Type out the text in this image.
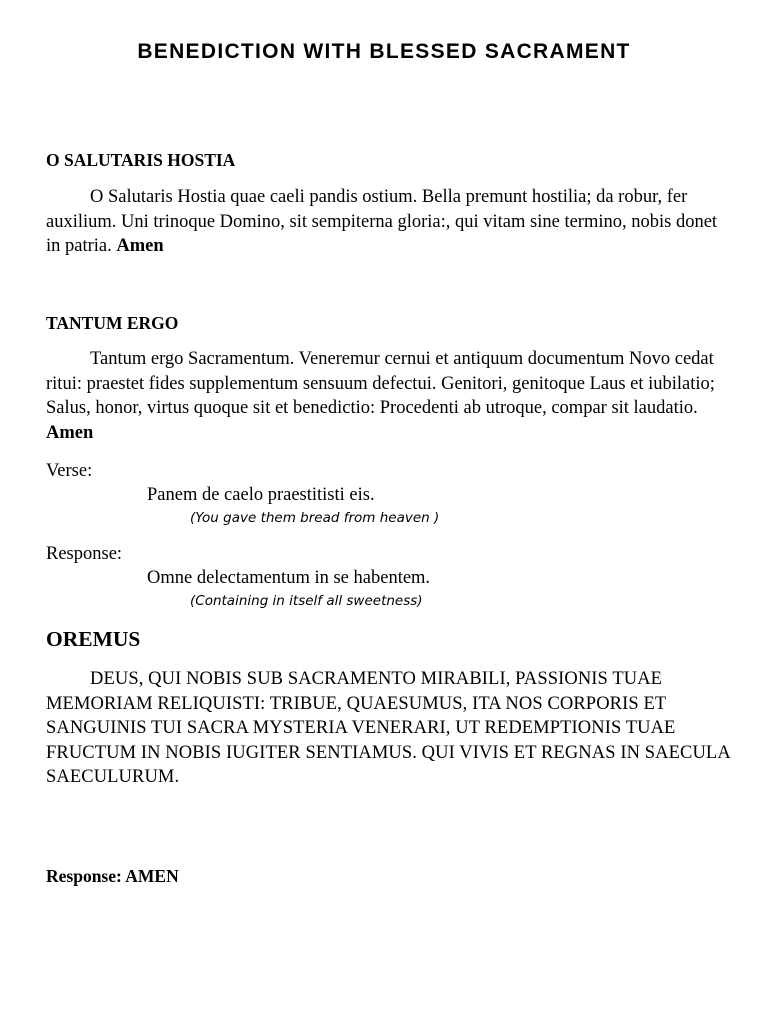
BENEDICTION WITH BLESSED SACRAMENT
O SALUTARIS HOSTIA

O Salutaris Hostia quae caeli pandis ostium. Bella premunt hostilia; da robur, fer auxilium. Uni trinoque Domino, sit sempiterna gloria:, qui vitam sine termino, nobis donet in patria. Amen

TANTUM ERGO

Tantum ergo Sacramentum. Veneremur cernui et antiquum documentum Novo cedat ritui: praestet fides supplementum sensuum defectui. Genitori, genitoque Laus et iubilatio; Salus, honor, virtus quoque sit et benedictio: Procedenti ab utroque, compar sit laudatio. Amen

Verse:

Panem de caelo praestitisti eis.

(You gave them bread from heaven )

Response:

Omne delectamentum in se habentem.

(Containing in itself all sweetness)

OREMUS

DEUS, QUI NOBIS SUB SACRAMENTO MIRABILI, PASSIONIS TUAE MEMORIAM RELIQUISTI: TRIBUE, QUAESUMUS, ITA NOS CORPORIS ET SANGUINIS TUI SACRA MYSTERIA VENERARI, UT REDEMPTIONIS TUAE FRUCTUM IN NOBIS IUGITER SENTIAMUS. QUI VIVIS ET REGNAS IN SAECULA SAECULURUM.

Response: AMEN
